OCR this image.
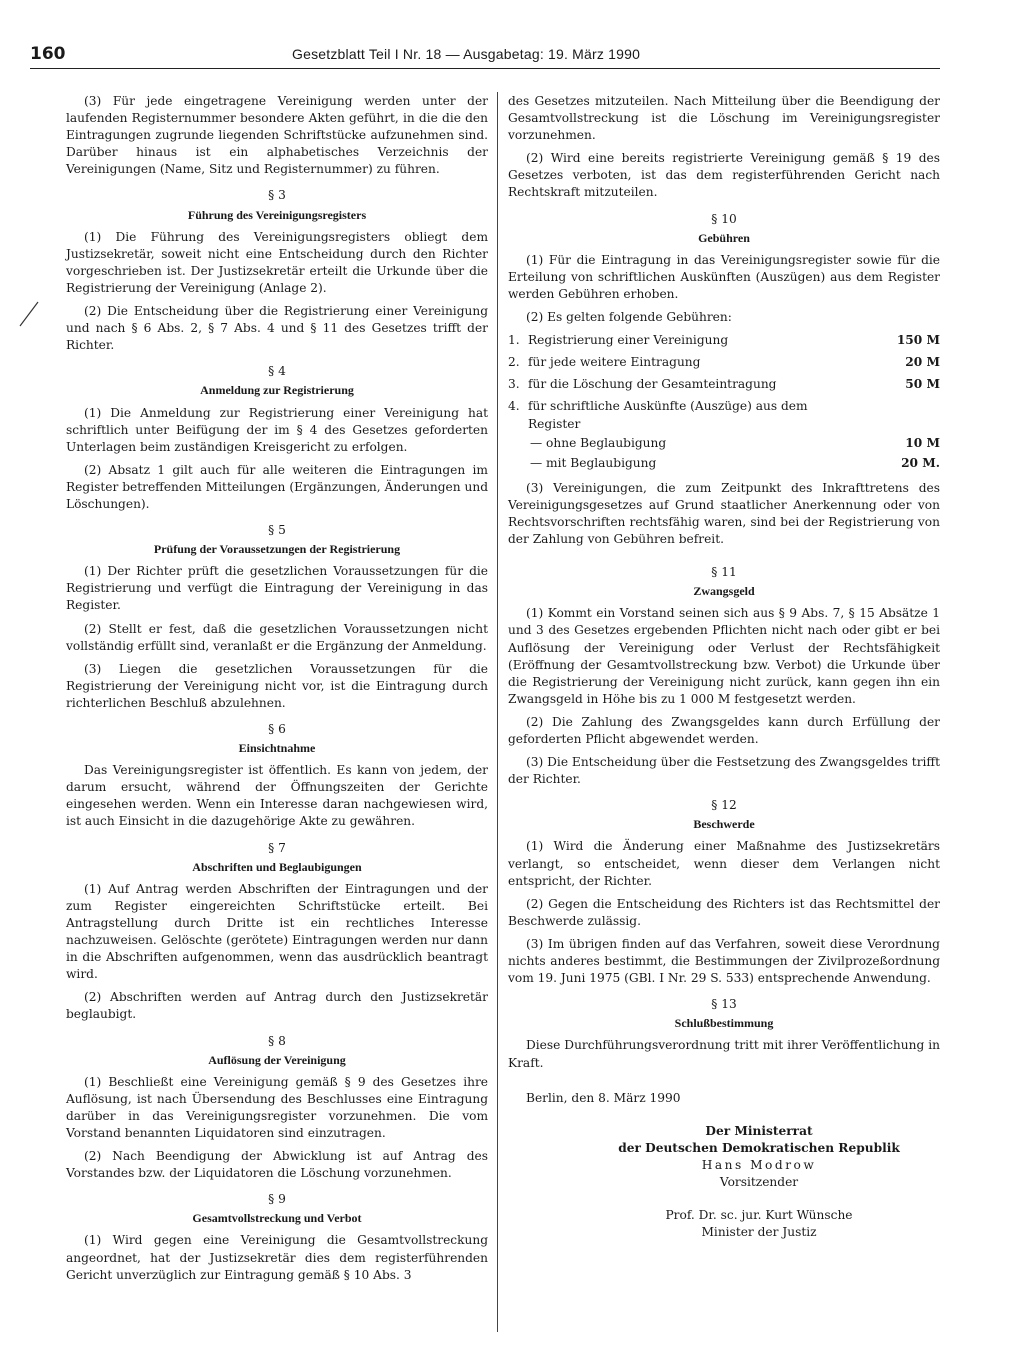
160	Gesetzblatt Teil I Nr. 18 — Ausgabetag: 19. März 1990

(3) Für jede eingetragene Vereinigung werden unter der laufenden Registernummer besondere Akten geführt, in die die den Eintragungen zugrunde liegenden Schriftstücke aufzunehmen sind. Darüber hinaus ist ein alphabetisches Verzeichnis der Vereinigungen (Name, Sitz und Registernummer) zu führen.

§ 3
Führung des Vereinigungsregisters

(1) Die Führung des Vereinigungsregisters obliegt dem Justizsekretär, soweit nicht eine Entscheidung durch den Richter vorgeschrieben ist. Der Justizsekretär erteilt die Urkunde über die Registrierung der Vereinigung (Anlage 2).

(2) Die Entscheidung über die Registrierung einer Vereinigung und nach § 6 Abs. 2, § 7 Abs. 4 und § 11 des Gesetzes trifft der Richter.

§ 4
Anmeldung zur Registrierung

(1) Die Anmeldung zur Registrierung einer Vereinigung hat schriftlich unter Beifügung der im § 4 des Gesetzes geforderten Unterlagen beim zuständigen Kreisgericht zu erfolgen.

(2) Absatz 1 gilt auch für alle weiteren die Eintragungen im Register betreffenden Mitteilungen (Ergänzungen, Änderungen und Löschungen).

§ 5
Prüfung der Voraussetzungen der Registrierung

(1) Der Richter prüft die gesetzlichen Voraussetzungen für die Registrierung und verfügt die Eintragung der Vereinigung in das Register.

(2) Stellt er fest, daß die gesetzlichen Voraussetzungen nicht vollständig erfüllt sind, veranlaßt er die Ergänzung der Anmeldung.

(3) Liegen die gesetzlichen Voraussetzungen für die Registrierung der Vereinigung nicht vor, ist die Eintragung durch richterlichen Beschluß abzulehnen.

§ 6
Einsichtnahme

Das Vereinigungsregister ist öffentlich. Es kann von jedem, der darum ersucht, während der Öffnungszeiten der Gerichte eingesehen werden. Wenn ein Interesse daran nachgewiesen wird, ist auch Einsicht in die dazugehörige Akte zu gewähren.

§ 7
Abschriften und Beglaubigungen

(1) Auf Antrag werden Abschriften der Eintragungen und der zum Register eingereichten Schriftstücke erteilt. Bei Antragstellung durch Dritte ist ein rechtliches Interesse nachzuweisen. Gelöschte (gerötete) Eintragungen werden nur dann in die Abschriften aufgenommen, wenn das ausdrücklich beantragt wird.

(2) Abschriften werden auf Antrag durch den Justizsekretär beglaubigt.

§ 8
Auflösung der Vereinigung

(1) Beschließt eine Vereinigung gemäß § 9 des Gesetzes ihre Auflösung, ist nach Übersendung des Beschlusses eine Eintragung darüber in das Vereinigungsregister vorzunehmen. Die vom Vorstand benannten Liquidatoren sind einzutragen.

(2) Nach Beendigung der Abwicklung ist auf Antrag des Vorstandes bzw. der Liquidatoren die Löschung vorzunehmen.

§ 9
Gesamtvollstreckung und Verbot

(1) Wird gegen eine Vereinigung die Gesamtvollstreckung angeordnet, hat der Justizsekretär dies dem registerführenden Gericht unverzüglich zur Eintragung gemäß § 10 Abs. 3

des Gesetzes mitzuteilen. Nach Mitteilung über die Beendigung der Gesamtvollstreckung ist die Löschung im Vereinigungsregister vorzunehmen.

(2) Wird eine bereits registrierte Vereinigung gemäß § 19 des Gesetzes verboten, ist das dem registerführenden Gericht nach Rechtskraft mitzuteilen.

§ 10
Gebühren

(1) Für die Eintragung in das Vereinigungsregister sowie für die Erteilung von schriftlichen Auskünften (Auszügen) aus dem Register werden Gebühren erhoben.

(2) Es gelten folgende Gebühren:

1. Registrierung einer Vereinigung	150 M
2. für jede weitere Eintragung	20 M
3. für die Löschung der Gesamteintragung	50 M
4. für schriftliche Auskünfte (Auszüge) aus dem Register
— ohne Beglaubigung	10 M
— mit Beglaubigung	20 M.

(3) Vereinigungen, die zum Zeitpunkt des Inkrafttretens des Vereinigungsgesetzes auf Grund staatlicher Anerkennung oder von Rechtsvorschriften rechtsfähig waren, sind bei der Registrierung von der Zahlung von Gebühren befreit.

§ 11
Zwangsgeld

(1) Kommt ein Vorstand seinen sich aus § 9 Abs. 7, § 15 Absätze 1 und 3 des Gesetzes ergebenden Pflichten nicht nach oder gibt er bei Auflösung der Vereinigung oder Verlust der Rechtsfähigkeit (Eröffnung der Gesamtvollstreckung bzw. Verbot) die Urkunde über die Registrierung der Vereinigung nicht zurück, kann gegen ihn ein Zwangsgeld in Höhe bis zu 1 000 M festgesetzt werden.

(2) Die Zahlung des Zwangsgeldes kann durch Erfüllung der geforderten Pflicht abgewendet werden.

(3) Die Entscheidung über die Festsetzung des Zwangsgeldes trifft der Richter.

§ 12
Beschwerde

(1) Wird die Änderung einer Maßnahme des Justizsekretärs verlangt, so entscheidet, wenn dieser dem Verlangen nicht entspricht, der Richter.

(2) Gegen die Entscheidung des Richters ist das Rechtsmittel der Beschwerde zulässig.

(3) Im übrigen finden auf das Verfahren, soweit diese Verordnung nichts anderes bestimmt, die Bestimmungen der Zivilprozeßordnung vom 19. Juni 1975 (GBl. I Nr. 29 S. 533) entsprechende Anwendung.

§ 13
Schlußbestimmung

Diese Durchführungsverordnung tritt mit ihrer Veröffentlichung in Kraft.

Berlin, den 8. März 1990

Der Ministerrat
der Deutschen Demokratischen Republik
Hans Modrow
Vorsitzender
Prof. Dr. sc. jur. Kurt Wünsche
Minister der Justiz
